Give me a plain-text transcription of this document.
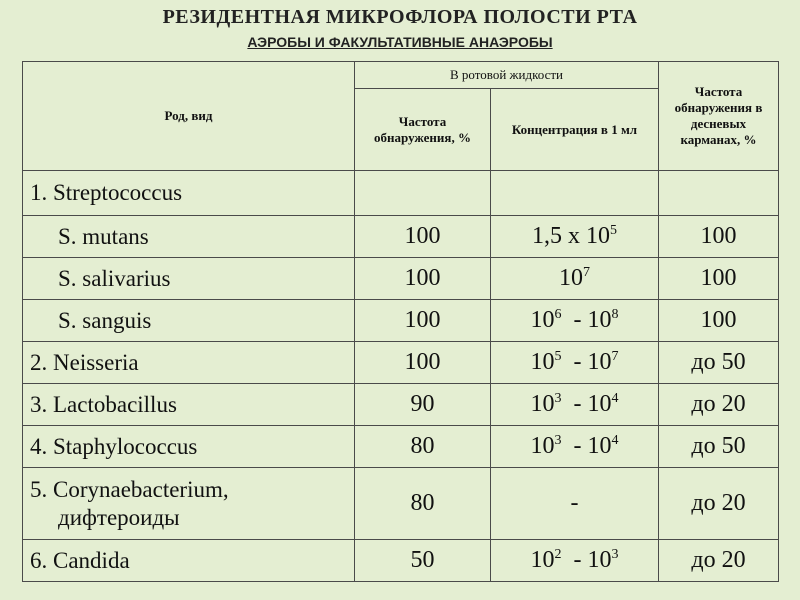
РЕЗИДЕНТНАЯ МИКРОФЛОРА ПОЛОСТИ РТА
АЭРОБЫ И ФАКУЛЬТАТИВНЫЕ АНАЭРОБЫ
Род, вид	В ротовой жидкости		Частота обнаружения в десневых карманах, %
	Частота обнаружения, %	Концентрация в 1 мл	
1. Streptococcus			
S. mutans	100	1,5 х $10^5$	100
S. salivarius	100	$10^7$	100
S. sanguis	100	$10^6 - 10^8$	100
2. Neisseria	100	$10^5 - 10^7$	до 50
3. Lactobacillus	90	$10^3 - 10^4$	до 20
4. Staphylococcus	80	$10^3 - 10^4$	до 50
5. Corynaebacterium,
дифтероиды	80	-	до 20
6. Candida	50	$10^2 - 10^3$	до 20
